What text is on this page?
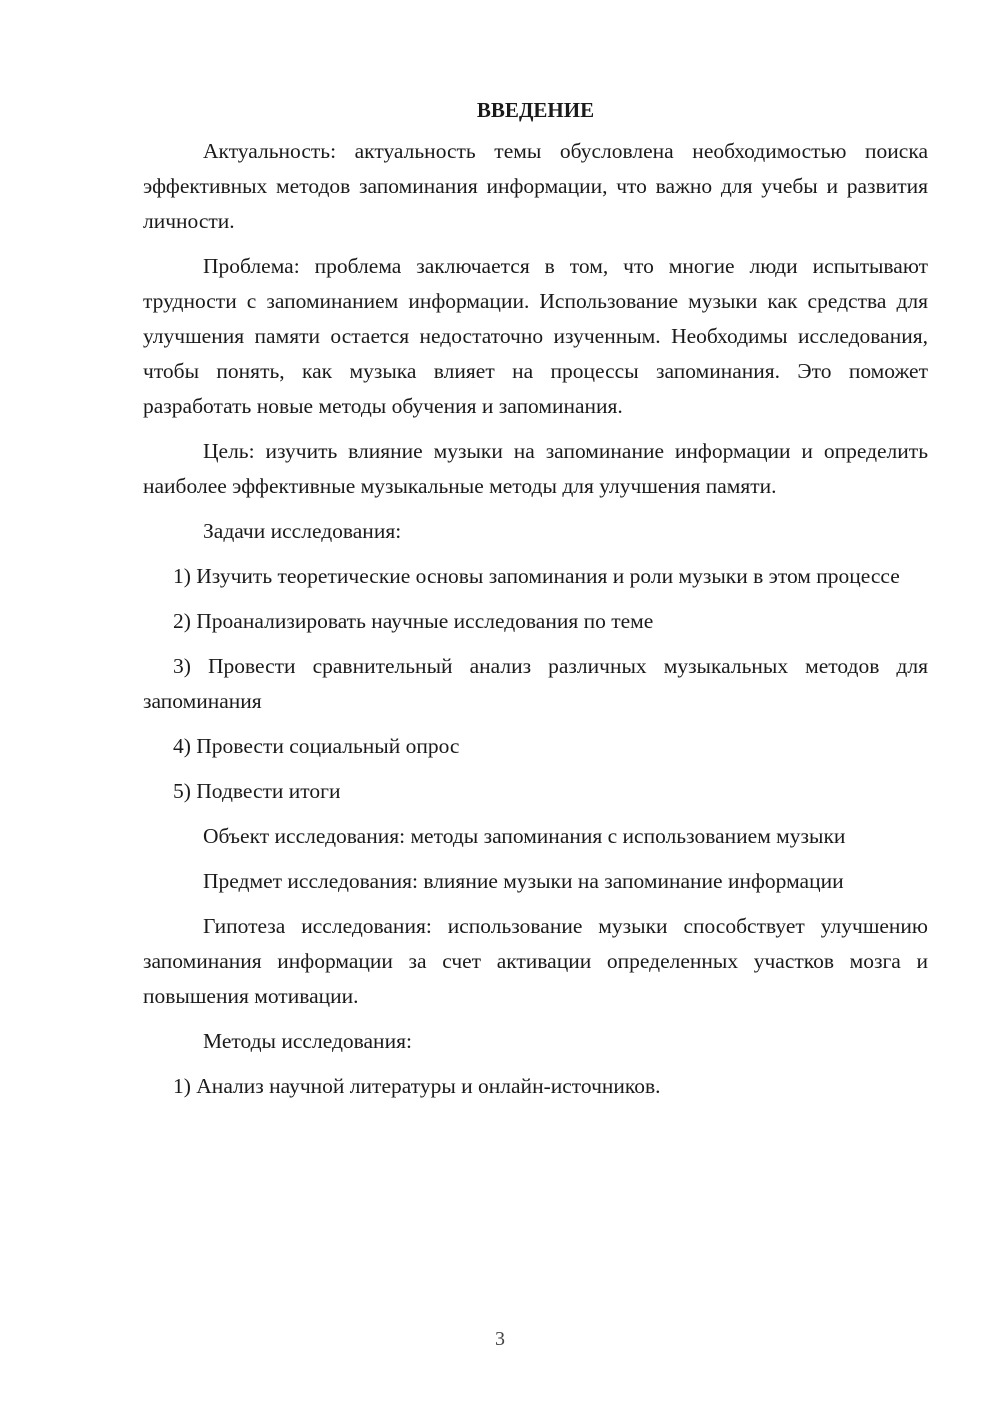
ВВЕДЕНИЕ

Актуальность: актуальность темы обусловлена необходимостью поиска эффективных методов запоминания информации, что важно для учебы и развития личности.

Проблема: проблема заключается в том, что многие люди испытывают трудности с запоминанием информации. Использование музыки как средства для улучшения памяти остается недостаточно изученным. Необходимы исследования, чтобы понять, как музыка влияет на процессы запоминания. Это поможет разработать новые методы обучения и запоминания.

Цель: изучить влияние музыки на запоминание информации и определить наиболее эффективные музыкальные методы для улучшения памяти.

Задачи исследования:

1) Изучить теоретические основы запоминания и роли музыки в этом процессе

2) Проанализировать научные исследования по теме

3) Провести сравнительный анализ различных музыкальных методов для запоминания

4) Провести социальный опрос

5) Подвести итоги

Объект исследования: методы запоминания с использованием музыки

Предмет исследования: влияние музыки на запоминание информации

Гипотеза исследования: использование музыки способствует улучшению запоминания информации за счет активации определенных участков мозга и повышения мотивации.

Методы исследования:

1) Анализ научной литературы и онлайн-источников.

3
